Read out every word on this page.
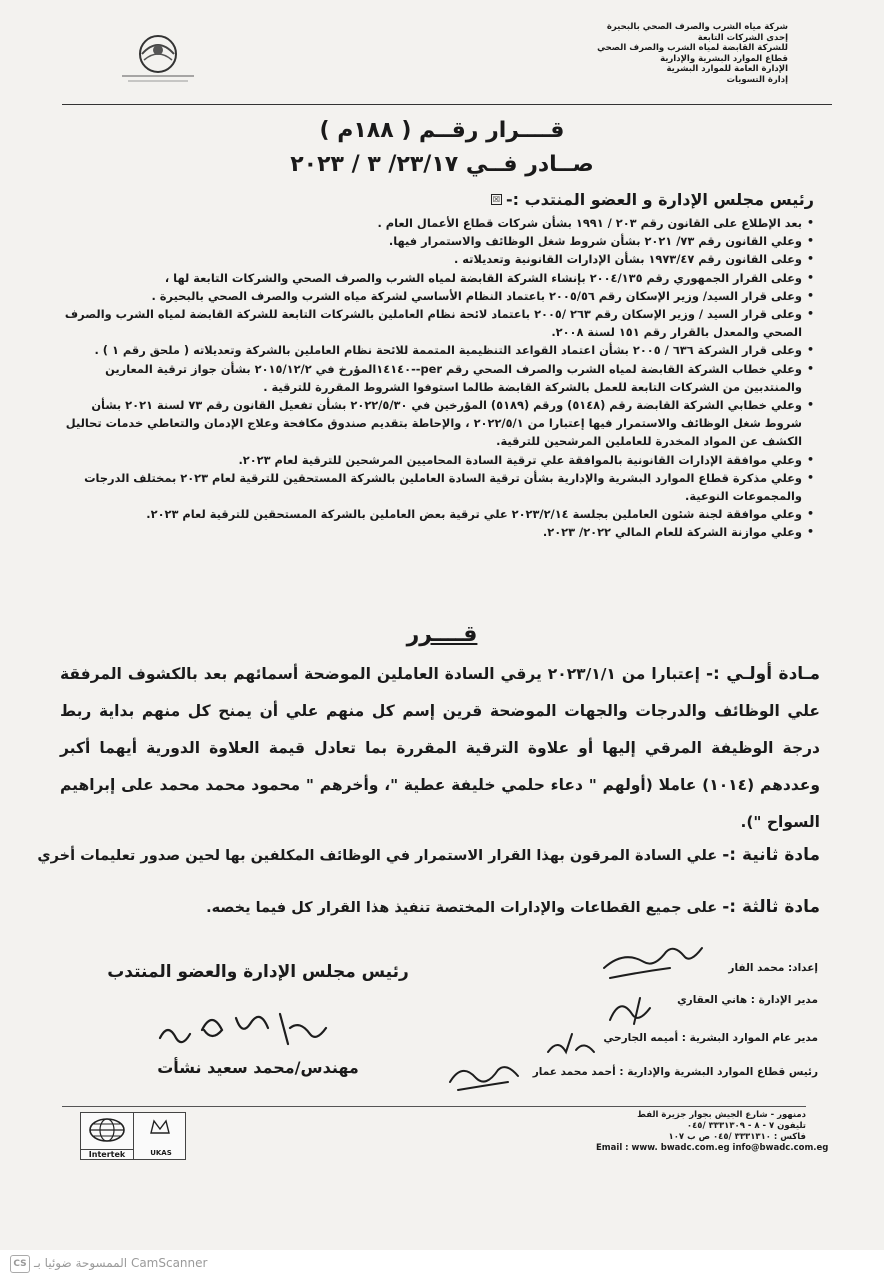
شركة مياه الشرب والصرف الصحي بالبحيرة
إحدى الشركات التابعة
للشركة القابضة لمياه الشرب والصرف الصحي
قطاع الموارد البشرية والإدارية
الإدارة العامة للموارد البشرية
إدارة التسويات
قــــرار رقــم ( ١٨٨م )
صــادر فــي ٢٣/١٧/ ٣ / ٢٠٢٣
☒ رئيس مجلس الإدارة و العضو المنتدب :-
• بعد الإطلاع على القانون رقم ٢٠٣ / ١٩٩١ بشأن شركات قطاع الأعمال العام .
• وعلي القانون رقم ٧٣/ ٢٠٢١ بشأن شروط شغل الوظائف والاستمرار فيها.
• وعلى القانون رقم ١٩٧٣/٤٧ بشأن الإدارات القانونية وتعديلاته .
• وعلى القرار الجمهوري رقم ٢٠٠٤/١٣٥ بإنشاء الشركة القابضة لمياه الشرب والصرف الصحي والشركات التابعة لها ،
• وعلى قرار السيد/ وزير الإسكان رقم ٢٠٠٥/٥٦ باعتماد النظام الأساسي لشركة مياه الشرب والصرف الصحي بالبحيرة .
• وعلى قرار السيد / وزير الإسكان رقم ٢٦٣ /٢٠٠٥ باعتماد لائحة نظام العاملين بالشركات التابعة للشركة القابضة لمياه الشرب والصرف الصحي والمعدل بالقرار رقم ١٥١ لسنة ٢٠٠٨.
• وعلى قرار الشركة ٦٣٦ / ٢٠٠٥ بشأن اعتماد القواعد التنظيمية المتممة للائحة نظام العاملين بالشركة وتعديلاته ( ملحق رقم ١ ) .
• وعلي خطاب الشركة القابضة لمياه الشرب والصرف الصحي رقم per--١٤١٤٠المؤرخ في ٢٠١٥/١٢/٢ بشأن جواز ترقية المعارين والمنتدبين من الشركات التابعة للعمل بالشركة القابضة طالما استوفوا الشروط المقررة للترقية .
• وعلي خطابي الشركة القابضة رقم (٥١٤٨) ورقم (٥١٨٩) المؤرخين في ٢٠٢٢/٥/٣٠ بشأن تفعيل القانون رقم ٧٣ لسنة ٢٠٢١ بشأن شروط شغل الوظائف والاستمرار فيها إعتبارا من ٢٠٢٢/٥/١ ، والإحاطة بتقديم صندوق مكافحة وعلاج الإدمان والتعاطي خدمات تحاليل الكشف عن المواد المخدرة للعاملين المرشحين للترقية.
• وعلي موافقة الإدارات القانونية بالموافقة علي ترقية السادة المحاميين المرشحين للترقية لعام ٢٠٢٣.
• وعلي مذكرة قطاع الموارد البشرية والإدارية بشأن ترقية السادة العاملين بالشركة المستحقين للترقية لعام ٢٠٢٣ بمختلف الدرجات والمجموعات النوعية.
• وعلي موافقة لجنة شئون العاملين بجلسة ٢٠٢٣/٢/١٤ علي ترقية بعض العاملين بالشركة المستحقين للترقية لعام ٢٠٢٣.
• وعلي موازنة الشركة للعام المالي ٢٠٢٢/ ٢٠٢٣.
قــــرر
مـادة أولـي :- إعتبارا من ٢٠٢٣/١/١ يرقي السادة العاملين الموضحة أسمائهم بعد بالكشوف المرفقة علي الوظائف والدرجات والجهات الموضحة قرين إسم كل منهم علي أن يمنح كل منهم بداية ربط درجة الوظيفة المرقي إليها أو علاوة الترقية المقررة بما تعادل قيمة العلاوة الدورية أيهما أكبر وعددهم (١٠١٤) عاملا (أولهم " دعاء حلمي خليفة عطية "، وأخرهم " محمود محمد محمد على إبراهيم السواح ").
مادة ثانية :- علي السادة المرقون بهذا القرار الاستمرار في الوظائف المكلفين بها لحين صدور تعليمات أخري
مادة ثالثة :- على جميع القطاعات والإدارات المختصة تنفيذ هذا القرار كل فيما يخصه.
رئيس مجلس الإدارة والعضو المنتدب
مهندس/محمد سعيد نشأت
إعداد: محمد الفار
مدير الإدارة : هاني العقاري
مدير عام الموارد البشرية : أميمه الجارحي
رئيس قطاع الموارد البشرية والإدارية : أحمد محمد عمار
Intertek	UKAS
دمنهور - شارع الجيش بجوار جزيرة الفط
تليفون ٧ - ٨ - ٣٣٣١٣٠٩ /٠٤٥
فاكس : ٣٣٣١٣١٠ /٠٤٥ ص ب ١٠٧
Email : www. bwadc.com.eg info@bwadc.com.eg
CS الممسوحة ضوئيا بـ CamScanner
